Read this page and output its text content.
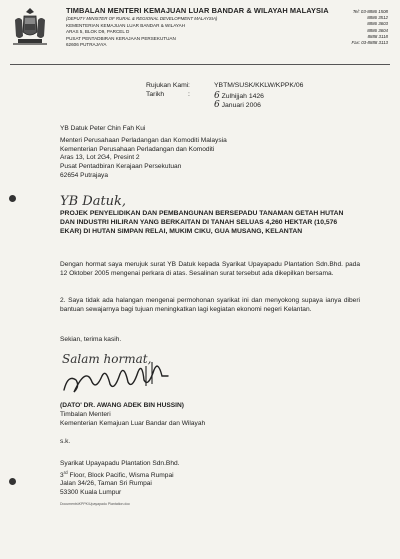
TIMBALAN MENTERI KEMAJUAN LUAR BANDAR & WILAYAH MALAYSIA
(DEPUTY MINISTER OF RURAL & REGIONAL DEVELOPMENT MALAYSIA)
KEMENTERIAN KEMAJUAN LUAR BANDAR & WILAYAH
ARAS 5, BLOK D9, PARCEL D
PUSAT PENTADBIRAN KERAJAAN PERSEKUTUAN
62606 PUTRAJAYA
Tel: 03-8886 1508
8886 3512
8886 3603
8886 3604
8888 3118
Fax: 03-8888 3113
Rujukan Kami :	YBTM/SUSK/KKLW/KPPK/06
Tarikh	:	6 Zulhijjah 1426
6 Januari 2006
YB Datuk Peter Chin Fah Kui
Menteri Perusahaan Perladangan dan Komoditi Malaysia
Kementerian Perusahaan Perladangan dan Komoditi
Aras 13, Lot 2G4, Presint 2
Pusat Pentadbiran Kerajaan Persekutuan
62654 Putrajaya
YB Datuk,
PROJEK PENYELIDIKAN DAN PEMBANGUNAN BERSEPADU TANAMAN GETAH HUTAN DAN INDUSTRI HILIRAN YANG BERKAITAN DI TANAH SELUAS 4,260 HEKTAR (10,576 EKAR) DI HUTAN SIMPAN RELAI, MUKIM CIKU, GUA MUSANG, KELANTAN
Dengan hormat saya merujuk surat YB Datuk kepada Syarikat Upayapadu Plantation Sdn.Bhd. pada 12 Oktober 2005 mengenai perkara di atas. Sesalinan surat tersebut ada dikepilkan bersama.
2. Saya tidak ada halangan mengenai permohonan syarikat ini dan menyokong supaya ianya diberi bantuan sewajarnya bagi tujuan meningkatkan lagi kegiatan ekonomi negeri Kelantan.
Sekian, terima kasih.
Salam hormat,
(DATO' DR. AWANG ADEK BIN HUSSIN)
Timbalan Menteri
Kementerian Kemajuan Luar Bandar dan Wilayah
s.k.
Syarikat Upayapadu Plantation Sdn.Bhd.
3rd Floor, Block Pacific, Wisma Rumpai
Jalan 34/26, Taman Sri Rumpai
53300 Kuala Lumpur
Documents\KPPK\Upayapadu Plantation.doc
